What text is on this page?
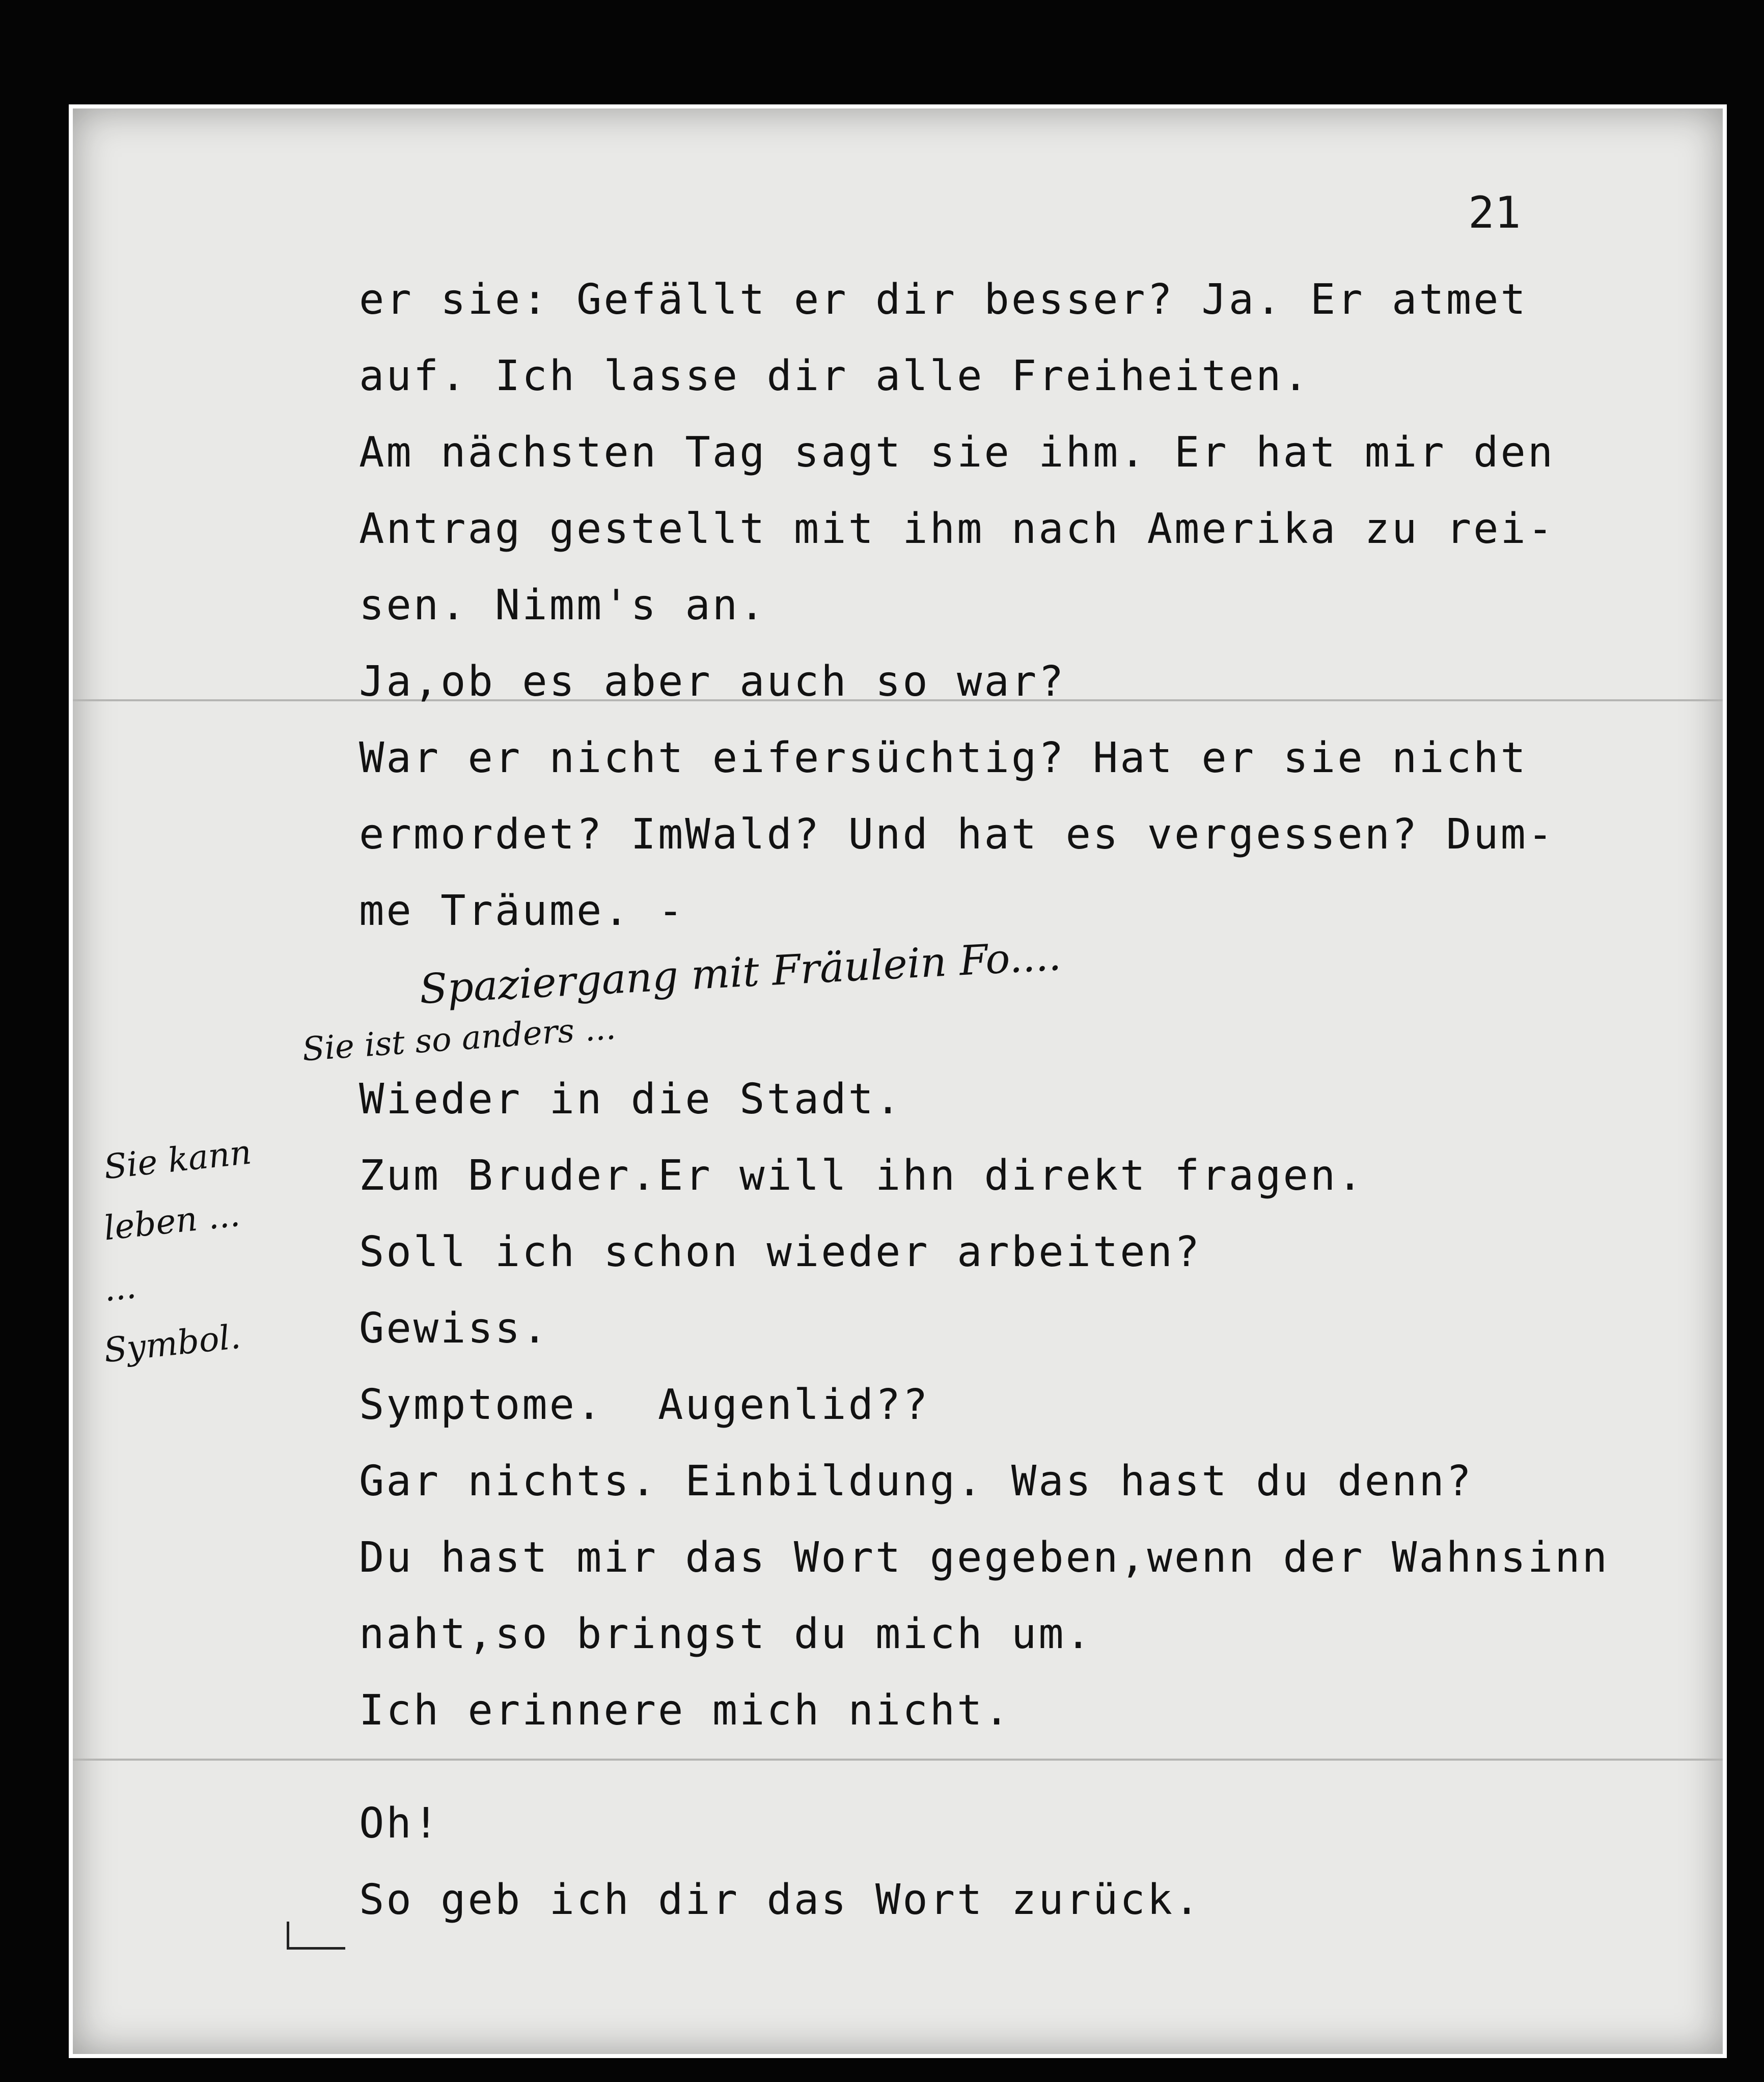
21
er sie: Gefällt er dir besser? Ja. Er atmet
auf. Ich lasse dir alle Freiheiten.
Am nächsten Tag sagt sie ihm. Er hat mir den
Antrag gestellt mit ihm nach Amerika zu rei-
sen. Nimm's an.
Ja,ob es aber auch so war?
War er nicht eifersüchtig? Hat er sie nicht
ermordet? ImWald? Und hat es vergessen? Dum-
me Träume. -
Spaziergang mit Fräulein Fo....
Sie ist so anders ...
Wieder in die Stadt.
Zum Bruder.Er will ihn direkt fragen.
Soll ich schon wieder arbeiten?
Gewiss.
Symptome.  Augenlid??
Gar nichts. Einbildung. Was hast du denn?
Du hast mir das Wort gegeben,wenn der Wahnsinn
naht,so bringst du mich um.
Ich erinnere mich nicht.
Oh!
So geb ich dir das Wort zurück.
Sie kann
leben ...
...
Symbol.
